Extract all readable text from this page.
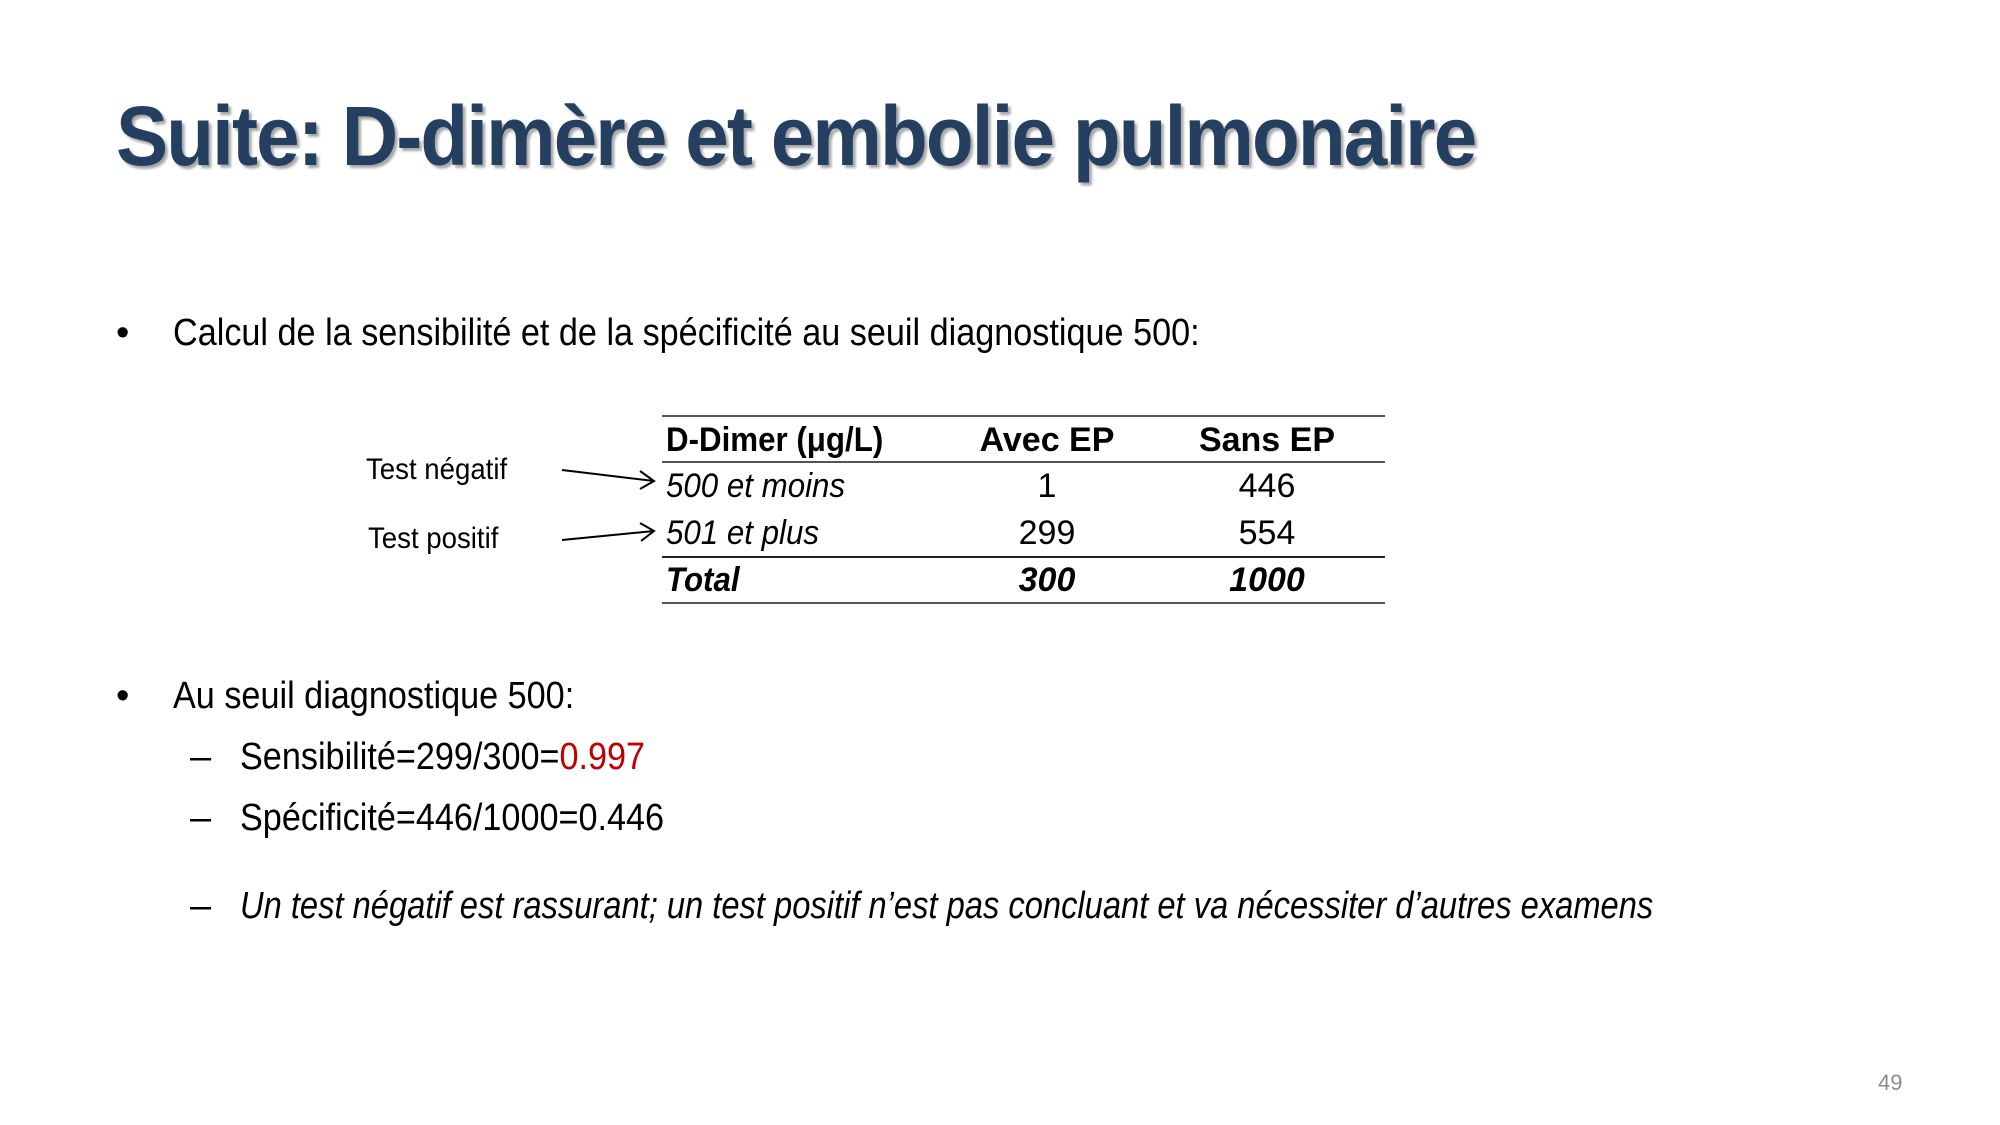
Suite: D-dimère et embolie pulmonaire
• Calcul de la sensibilité et de la spécificité au seuil diagnostique 500:
D-Dimer (μg/L)	Avec EP	Sans EP
500 et moins	1	446
501 et plus	299	554
Total	300	1000
Test négatif
Test positif
• Au seuil diagnostique 500:
– Sensibilité=299/300=0.997
– Spécificité=446/1000=0.446
– Un test négatif est rassurant; un test positif n’est pas concluant et va nécessiter d’autres examens
49
